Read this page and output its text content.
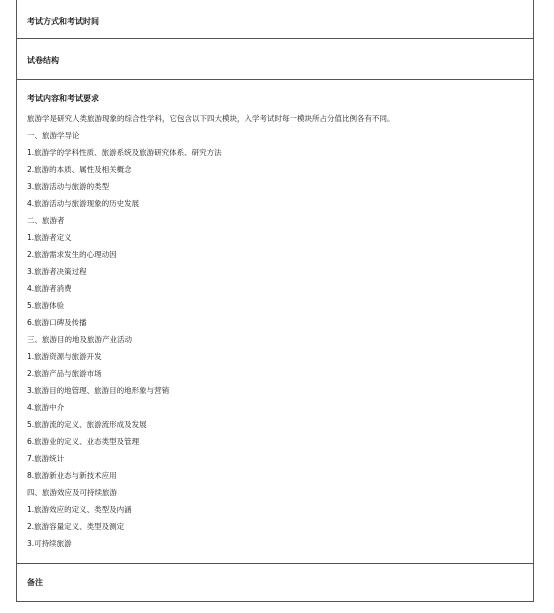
考试方式和考试时间
试卷结构
考试内容和考试要求
旅游学是研究人类旅游现象的综合性学科，它包含以下四大模块，入学考试时每一模块所占分值比例各有不同。
一、旅游学导论
1.旅游学的学科性质、旅游系统及旅游研究体系、研究方法
2.旅游的本质、属性及相关概念
3.旅游活动与旅游的类型
4.旅游活动与旅游现象的历史发展
二、旅游者
1.旅游者定义
2.旅游需求发生的心理动因
3.旅游者决策过程
4.旅游者消费
5.旅游体验
6.旅游口碑及传播
三、旅游目的地及旅游产业活动
1.旅游资源与旅游开发
2.旅游产品与旅游市场
3.旅游目的地管理、旅游目的地形象与营销
4.旅游中介
5.旅游流的定义、旅游流形成及发展
6.旅游业的定义、业态类型及管理
7.旅游统计
8.旅游新业态与新技术应用
四、旅游效应及可持续旅游
1.旅游效应的定义、类型及内涵
2.旅游容量定义、类型及测定
3.可持续旅游
备注
